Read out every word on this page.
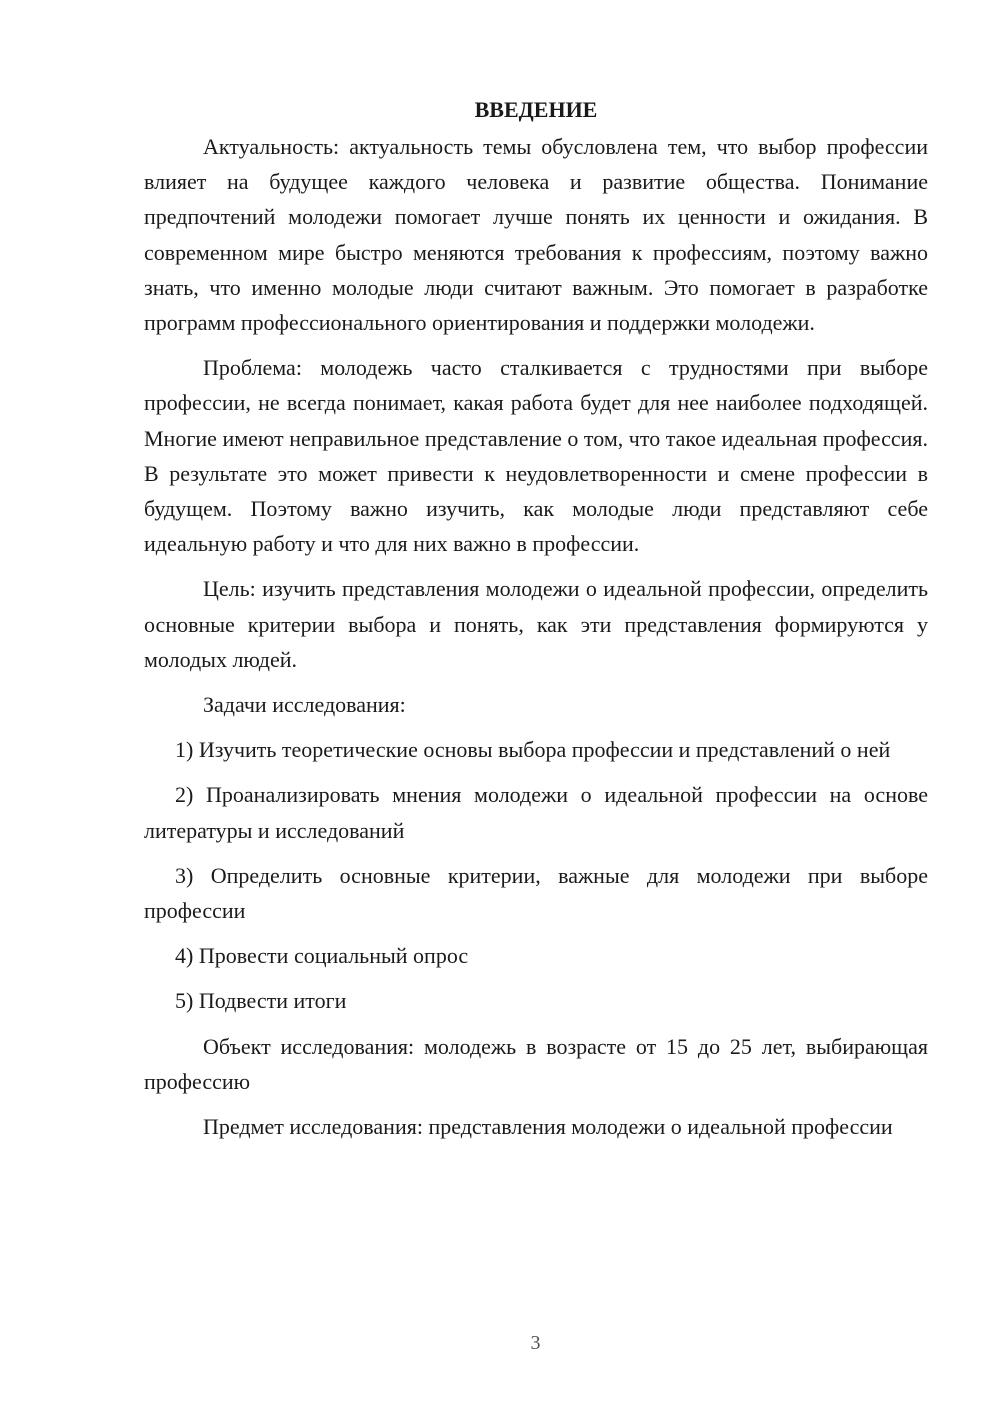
ВВЕДЕНИЕ

Актуальность: актуальность темы обусловлена тем, что выбор профессии влияет на будущее каждого человека и развитие общества. Понимание предпочтений молодежи помогает лучше понять их ценности и ожидания. В современном мире быстро меняются требования к профессиям, поэтому важно знать, что именно молодые люди считают важным. Это помогает в разработке программ профессионального ориентирования и поддержки молодежи.

Проблема: молодежь часто сталкивается с трудностями при выборе профессии, не всегда понимает, какая работа будет для нее наиболее подходящей. Многие имеют неправильное представление о том, что такое идеальная профессия. В результате это может привести к неудовлетворенности и смене профессии в будущем. Поэтому важно изучить, как молодые люди представляют себе идеальную работу и что для них важно в профессии.

Цель: изучить представления молодежи о идеальной профессии, определить основные критерии выбора и понять, как эти представления формируются у молодых людей.

Задачи исследования:

1) Изучить теоретические основы выбора профессии и представлений о ней

2) Проанализировать мнения молодежи о идеальной профессии на основе литературы и исследований

3) Определить основные критерии, важные для молодежи при выборе профессии

4) Провести социальный опрос

5) Подвести итоги

Объект исследования: молодежь в возрасте от 15 до 25 лет, выбирающая профессию

Предмет исследования: представления молодежи о идеальной профессии

3
